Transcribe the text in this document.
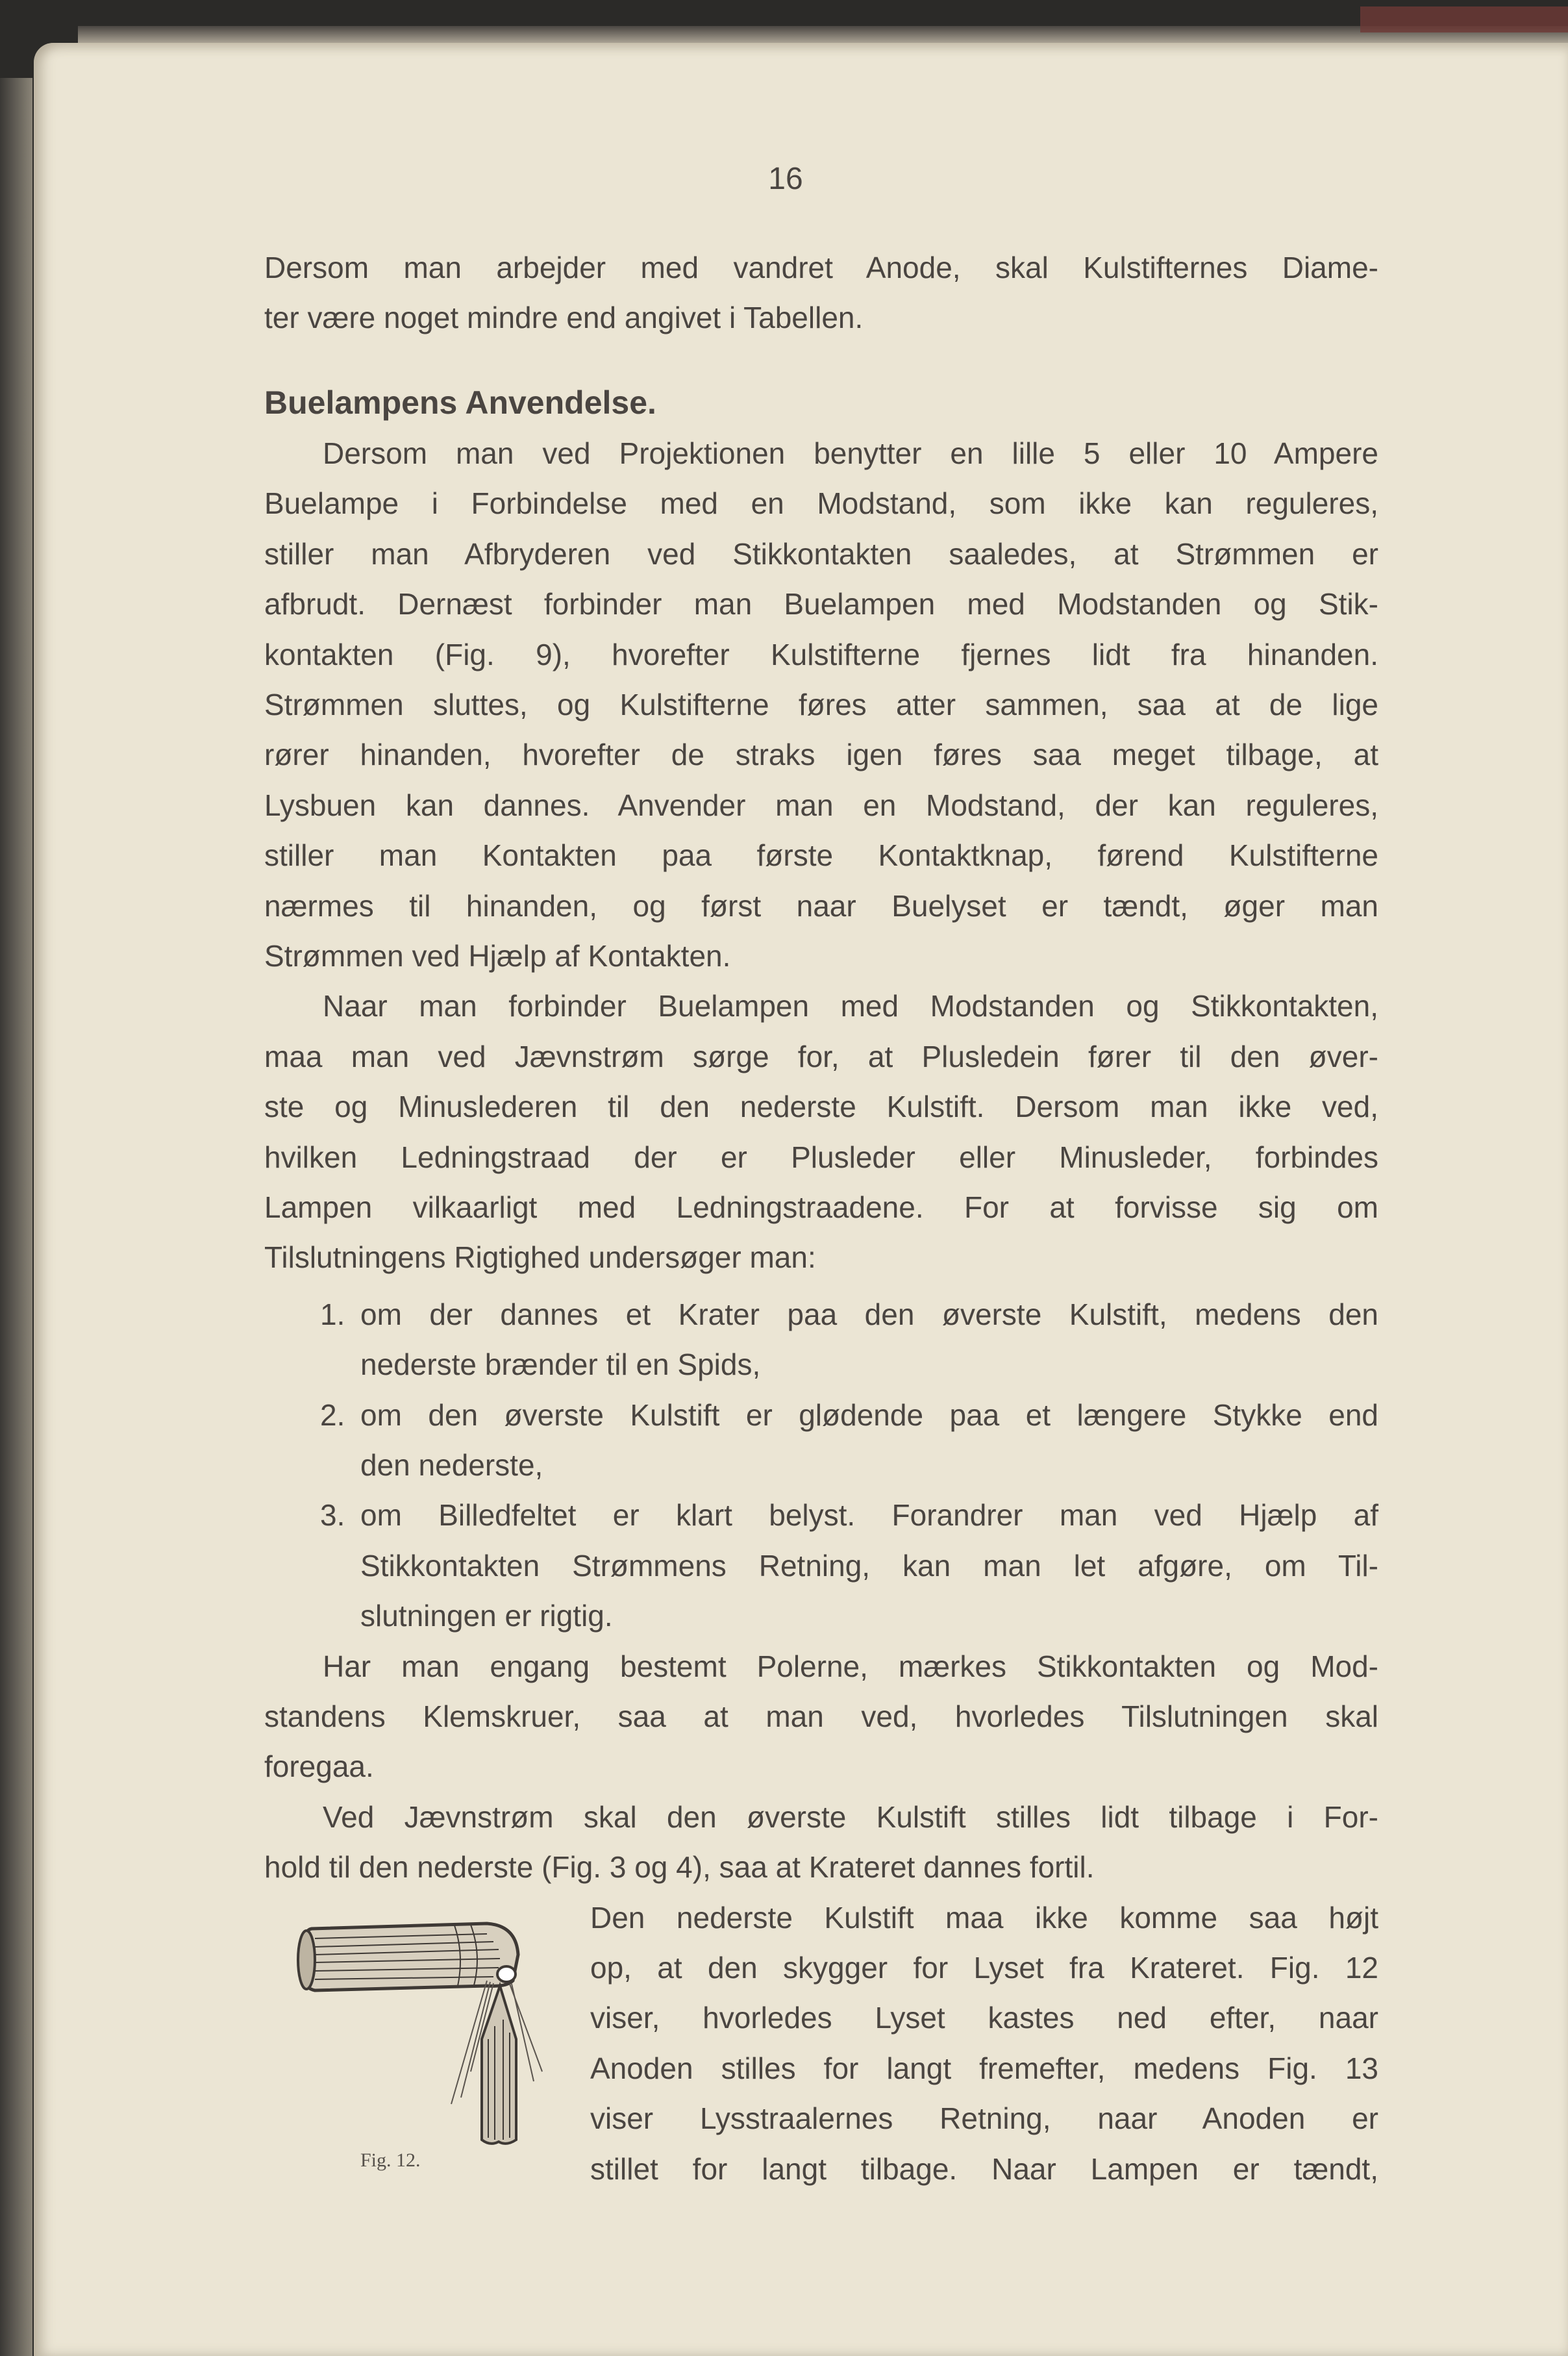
16
Dersom man arbejder med vandret Anode, skal Kulstifternes Diame-
ter være noget mindre end angivet i Tabellen.
Buelampens Anvendelse.
Dersom man ved Projektionen benytter en lille 5 eller 10 Ampere
Buelampe i Forbindelse med en Modstand, som ikke kan reguleres,
stiller man Afbryderen ved Stikkontakten saaledes, at Strømmen er
afbrudt. Dernæst forbinder man Buelampen med Modstanden og Stik-
kontakten (Fig. 9), hvorefter Kulstifterne fjernes lidt fra hinanden.
Strømmen sluttes, og Kulstifterne føres atter sammen, saa at de lige
rører hinanden, hvorefter de straks igen føres saa meget tilbage, at
Lysbuen kan dannes. Anvender man en Modstand, der kan reguleres,
stiller man Kontakten paa første Kontaktknap, førend Kulstifterne
nærmes til hinanden, og først naar Buelyset er tændt, øger man
Strømmen ved Hjælp af Kontakten.
Naar man forbinder Buelampen med Modstanden og Stikkontakten,
maa man ved Jævnstrøm sørge for, at Plusledein fører til den øver-
ste og Minuslederen til den nederste Kulstift. Dersom man ikke ved,
hvilken Ledningstraad der er Plusleder eller Minusleder, forbindes
Lampen vilkaarligt med Ledningstraadene. For at forvisse sig om
Tilslutningens Rigtighed undersøger man:
1. om der dannes et Krater paa den øverste Kulstift, medens den
nederste brænder til en Spids,
2. om den øverste Kulstift er glødende paa et længere Stykke end
den nederste,
3. om Billedfeltet er klart belyst. Forandrer man ved Hjælp af
Stikkontakten Strømmens Retning, kan man let afgøre, om Til-
slutningen er rigtig.
Har man engang bestemt Polerne, mærkes Stikkontakten og Mod-
standens Klemskruer, saa at man ved, hvorledes Tilslutningen skal
foregaa.
Ved Jævnstrøm skal den øverste Kulstift stilles lidt tilbage i For-
hold til den nederste (Fig. 3 og 4), saa at Krateret dannes fortil.
Den nederste Kulstift maa ikke komme saa højt
op, at den skygger for Lyset fra Krateret. Fig. 12
viser, hvorledes Lyset kastes ned efter, naar
Anoden stilles for langt fremefter, medens Fig. 13
viser Lysstraalernes Retning, naar Anoden er
stillet for langt tilbage. Naar Lampen er tændt,
Fig. 12.
